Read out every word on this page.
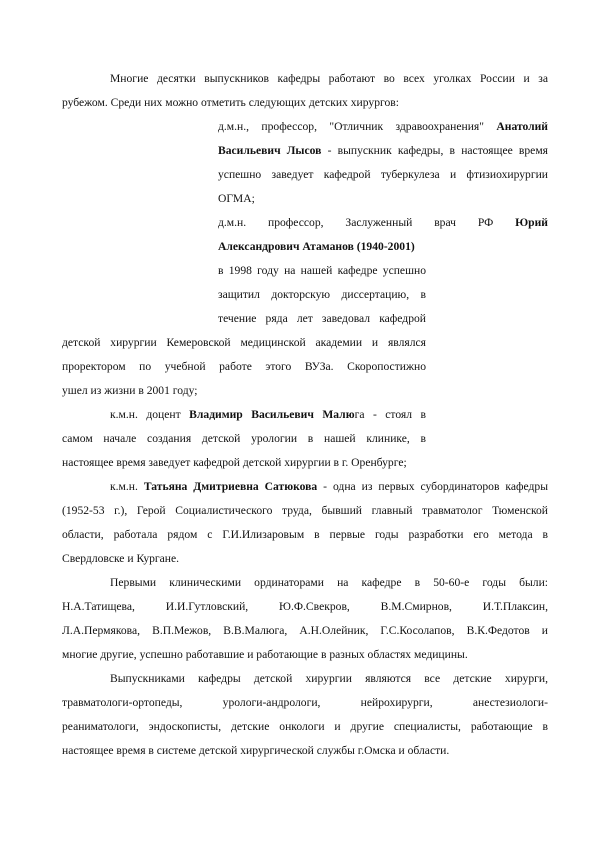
Многие десятки выпускников кафедры работают во всех уголках России и за
рубежом. Среди них можно отметить следующих детских хирургов:
д.м.н., профессор, "Отличник здравоохранения" Анатолий
Васильевич Лысов - выпускник кафедры, в настоящее время
успешно заведует кафедрой туберкулеза и фтизиохирургии
ОГМА;
д.м.н. профессор, Заслуженный врач РФ Юрий
Александрович Атаманов (1940-2001)
в 1998 году на нашей кафедре успешно
защитил докторскую диссертацию, в
течение ряда лет заведовал кафедрой
детской хирургии Кемеровской медицинской академии и являлся
проректором по учебной работе этого ВУЗа. Скоропостижно
ушел из жизни в 2001 году;
к.м.н. доцент Владимир Васильевич Малюга - стоял в
самом начале создания детской урологии в нашей клинике, в
настоящее время заведует кафедрой детской хирургии в г. Оренбурге;
к.м.н. Татьяна Дмитриевна Сатюкова - одна из первых субординаторов кафедры
(1952-53 г.), Герой Социалистического труда, бывший главный травматолог Тюменской
области, работала рядом с Г.И.Илизаровым в первые годы разработки его метода в
Свердловске и Кургане.
Первыми клиническими ординаторами на кафедре в 50-60-е годы были:
Н.А.Татищева, И.И.Гутловский, Ю.Ф.Свекров, В.М.Смирнов, И.Т.Плаксин,
Л.А.Пермякова, В.П.Межов, В.В.Малюга, А.Н.Олейник, Г.С.Косолапов, В.К.Федотов и
многие другие, успешно работавшие и работающие в разных областях медицины.
Выпускниками кафедры детской хирургии являются все детские хирурги,
травматологи-ортопеды, урологи-андрологи, нейрохирурги, анестезиологи-
реаниматологи, эндоскописты, детские онкологи и другие специалисты, работающие в
настоящее время в системе детской хирургической службы г.Омска и области.
